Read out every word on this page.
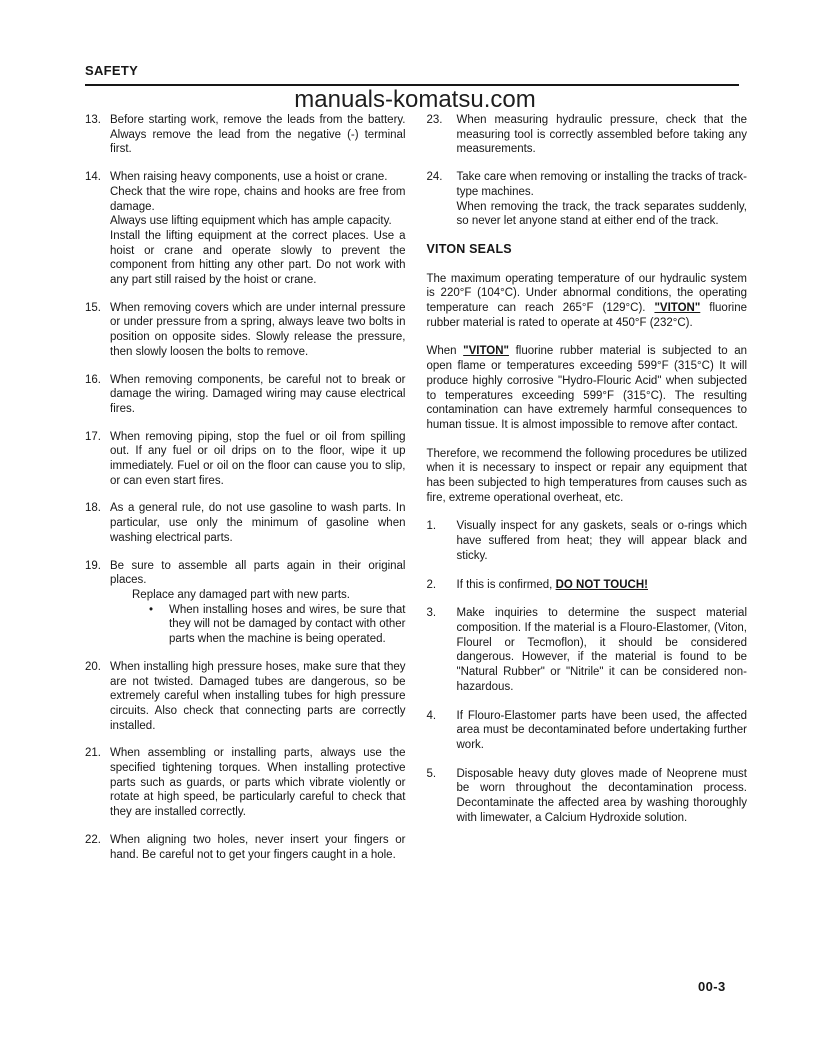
SAFETY
manuals-komatsu.com
13. Before starting work, remove the leads from the battery. Always remove the lead from the negative (-) terminal first.
14. When raising heavy components, use a hoist or crane.
Check that the wire rope, chains and hooks are free from damage.
Always use lifting equipment which has ample capacity.
Install the lifting equipment at the correct places. Use a hoist or crane and operate slowly to prevent the component from hitting any other part. Do not work with any part still raised by the hoist or crane.
15. When removing covers which are under internal pressure or under pressure from a spring, always leave two bolts in position on opposite sides. Slowly release the pressure, then slowly loosen the bolts to remove.
16. When removing components, be careful not to break or damage the wiring. Damaged wiring may cause electrical fires.
17. When removing piping, stop the fuel or oil from spilling out. If any fuel or oil drips on to the floor, wipe it up immediately. Fuel or oil on the floor can cause you to slip, or can even start fires.
18. As a general rule, do not use gasoline to wash parts. In particular, use only the minimum of gasoline when washing electrical parts.
19. Be sure to assemble all parts again in their original places.
Replace any damaged part with new parts.
•	When installing hoses and wires, be sure that they will not be damaged by contact with other parts when the machine is being operated.
20. When installing high pressure hoses, make sure that they are not twisted. Damaged tubes are dangerous, so be extremely careful when installing tubes for high pressure circuits. Also check that connecting parts are correctly installed.
21. When assembling or installing parts, always use the specified tightening torques. When installing protective parts such as guards, or parts which vibrate violently or rotate at high speed, be particularly careful to check that they are installed correctly.
22. When aligning two holes, never insert your fingers or hand. Be careful not to get your fingers caught in a hole.
23.	When measuring hydraulic pressure, check that the measuring tool is correctly assembled before taking any measurements.
24.	Take care when removing or installing the tracks of track-type machines.
When removing the track, the track separates suddenly, so never let anyone stand at either end of the track.
VITON SEALS
The maximum operating temperature of our hydraulic system is 220°F (104°C). Under abnormal conditions, the operating temperature can reach 265°F (129°C). "VITON" fluorine rubber material is rated to operate at 450°F (232°C).
When "VITON" fluorine rubber material is subjected to an open flame or temperatures exceeding 599°F (315°C) It will produce highly corrosive "Hydro-Flouric Acid" when subjected to temperatures exceeding 599°F (315°C). The resulting contamination can have extremely harmful consequences to human tissue. It is almost impossible to remove after contact.
Therefore, we recommend the following procedures be utilized when it is necessary to inspect or repair any equipment that has been subjected to high temperatures from causes such as fire, extreme operational overheat, etc.
1.	Visually inspect for any gaskets, seals or o-rings which have suffered from heat; they will appear black and sticky.
2.	If this is confirmed, DO NOT TOUCH!
3.	Make inquiries to determine the suspect material composition. If the material is a Flouro-Elastomer, (Viton, Flourel or Tecmoflon), it should be considered dangerous. However, if the material is found to be "Natural Rubber" or "Nitrile" it can be considered non-hazardous.
4.	If Flouro-Elastomer parts have been used, the affected area must be decontaminated before undertaking further work.
5.	Disposable heavy duty gloves made of Neoprene must be worn throughout the decontamination process. Decontaminate the affected area by washing thoroughly with limewater, a Calcium Hydroxide solution.
00-3
